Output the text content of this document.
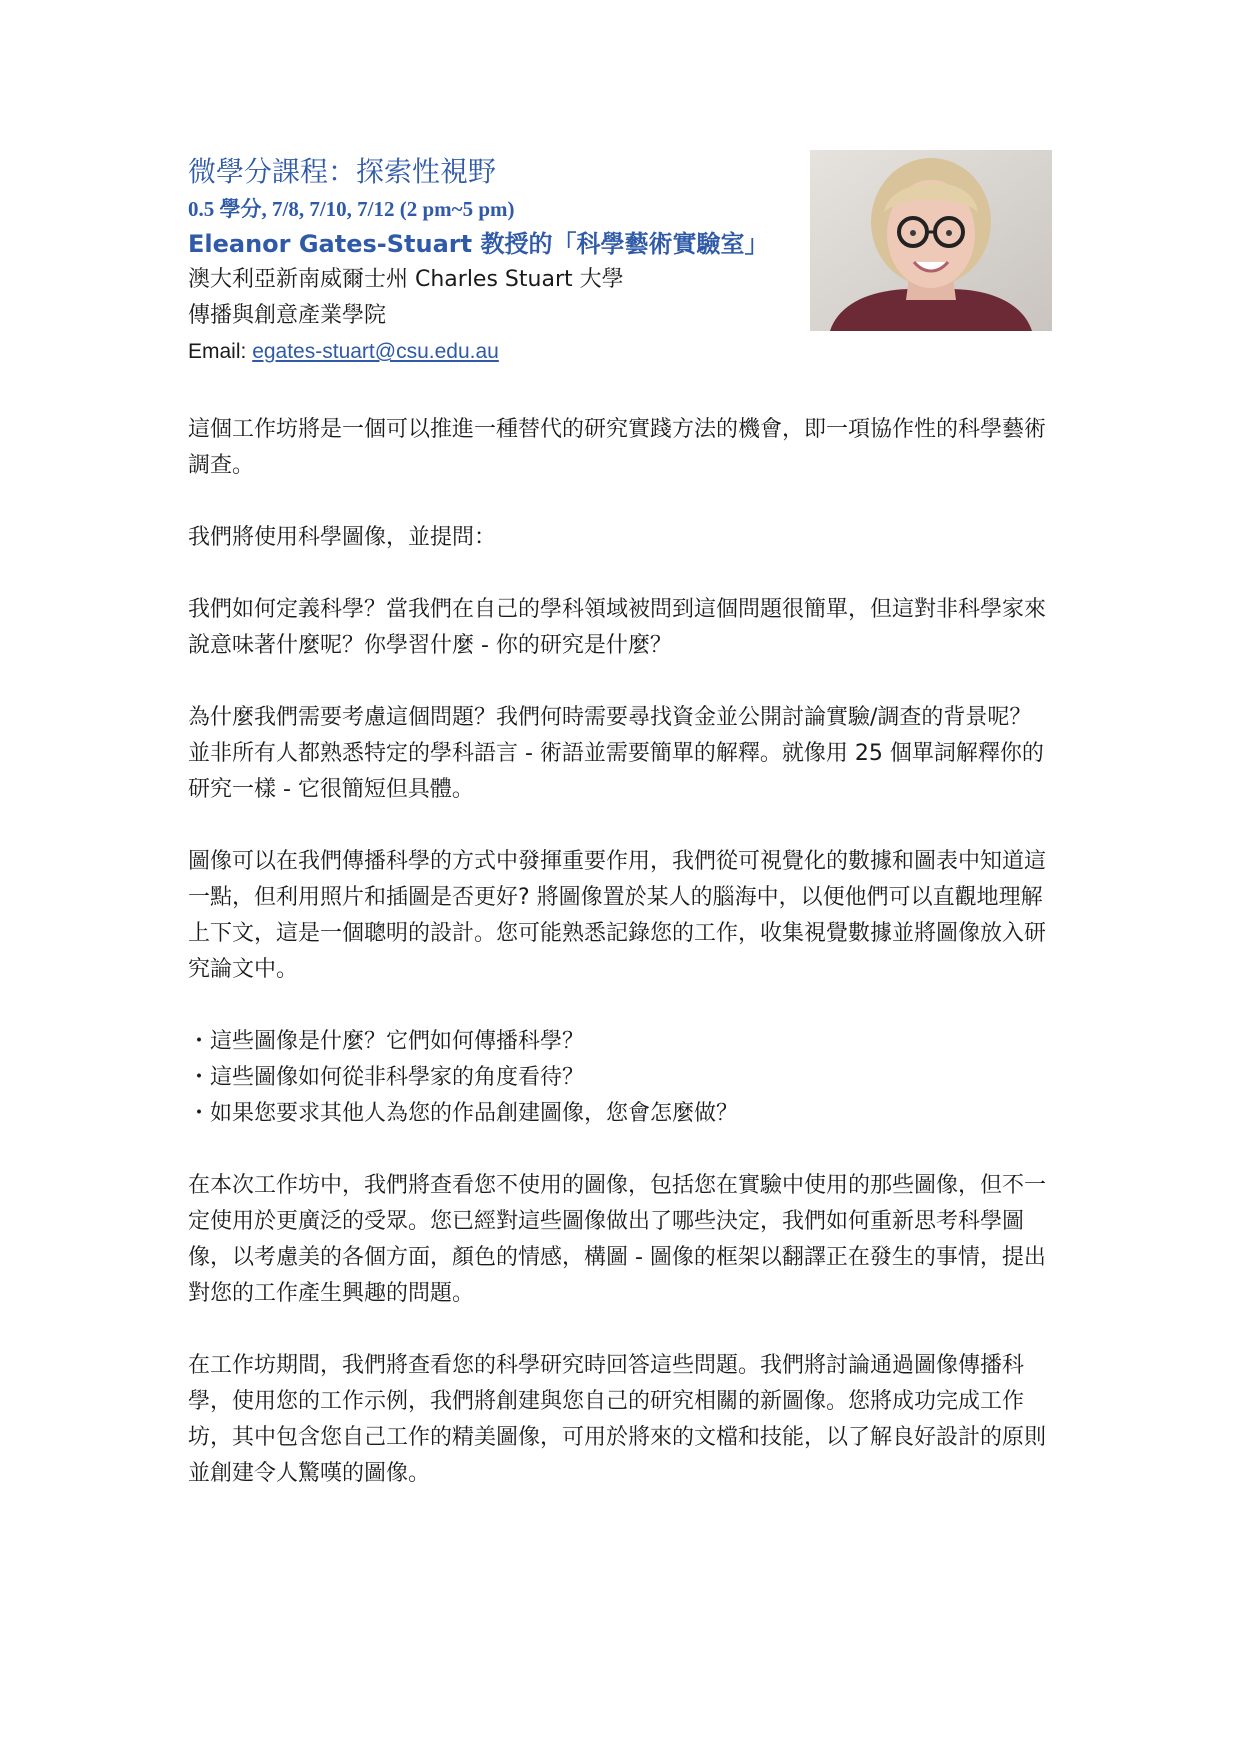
微學分課程：探索性視野

0.5 學分, 7/8, 7/10, 7/12 (2 pm~5 pm)

Eleanor Gates-Stuart 教授的「科學藝術實驗室」

澳大利亞新南威爾士州 Charles Stuart 大學

傳播與創意產業學院

Email: egates-stuart@csu.edu.au

這個工作坊將是一個可以推進一種替代的研究實踐方法的機會，即一項協作性的科學藝術調查。

我們將使用科學圖像，並提問：

我們如何定義科學？當我們在自己的學科領域被問到這個問題很簡單，但這對非科學家來說意味著什麼呢？你學習什麼 - 你的研究是什麼？

為什麼我們需要考慮這個問題？我們何時需要尋找資金並公開討論實驗/調查的背景呢？並非所有人都熟悉特定的學科語言 - 術語並需要簡單的解釋。就像用 25 個單詞解釋你的研究一樣 - 它很簡短但具體。

圖像可以在我們傳播科學的方式中發揮重要作用，我們從可視覺化的數據和圖表中知道這一點，但利用照片和插圖是否更好? 將圖像置於某人的腦海中，以便他們可以直觀地理解上下文，這是一個聰明的設計。您可能熟悉記錄您的工作，收集視覺數據並將圖像放入研究論文中。

・這些圖像是什麼？它們如何傳播科學？
・這些圖像如何從非科學家的角度看待？
・如果您要求其他人為您的作品創建圖像，您會怎麼做？

在本次工作坊中，我們將查看您不使用的圖像，包括您在實驗中使用的那些圖像，但不一定使用於更廣泛的受眾。您已經對這些圖像做出了哪些決定，我們如何重新思考科學圖像，以考慮美的各個方面，顏色的情感，構圖 - 圖像的框架以翻譯正在發生的事情，提出對您的工作產生興趣的問題。

在工作坊期間，我們將查看您的科學研究時回答這些問題。我們將討論通過圖像傳播科學，使用您的工作示例，我們將創建與您自己的研究相關的新圖像。您將成功完成工作坊，其中包含您自己工作的精美圖像，可用於將來的文檔和技能，以了解良好設計的原則並創建令人驚嘆的圖像。
